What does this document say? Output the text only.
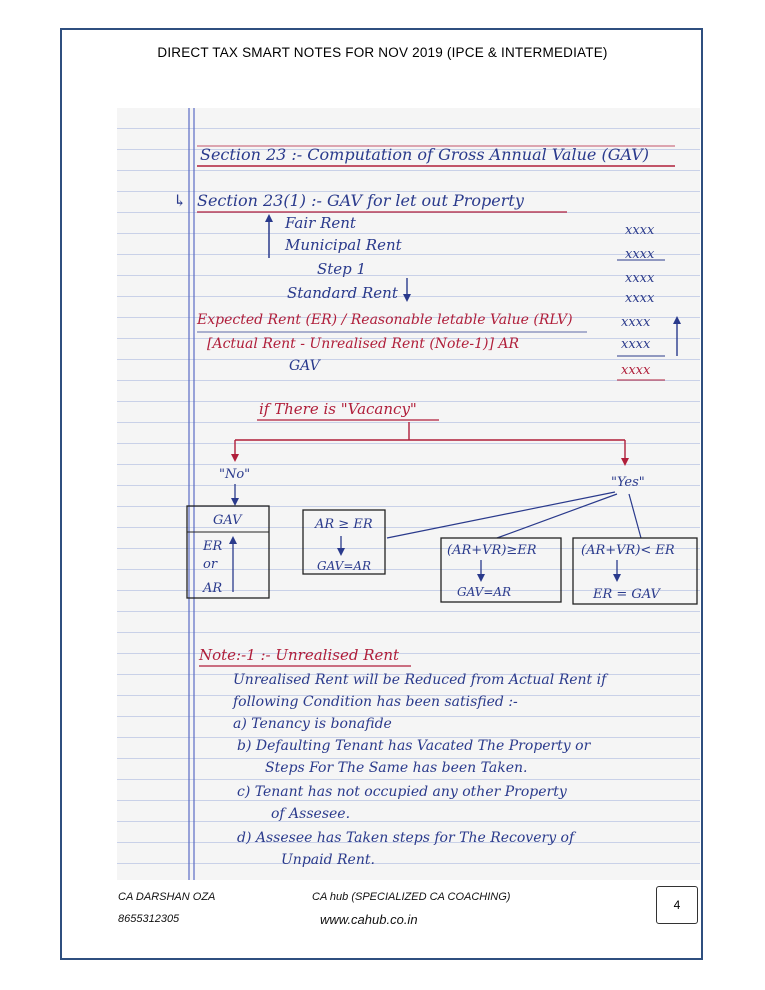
DIRECT TAX SMART NOTES FOR NOV 2019 (IPCE & INTERMEDIATE)
Section 23 :- Computation of Gross Annual Value (GAV)
↳ Section 23(1) :- GAV for let out Property
Fair Rent
Municipal Rent
Step 1
Standard Rent
Expected Rent (ER) / Reasonable letable Value (RLV)
[Actual Rent - Unrealised Rent (Note-1)] AR
GAV
xxxx
xxxx
xxxx
xxxx
xxxx
xxxx
xxxx
if There is "Vacancy"
"No"
"Yes"
GAV
ER
or
AR
AR ≥ ER
GAV=AR
(AR+VR)≥ER
GAV=AR
(AR+VR)< ER
ER = GAV
Note:-1 :- Unrealised Rent
Unrealised Rent will be Reduced from Actual Rent if
following Condition has been satisfied :-
a) Tenancy is bonafide
b) Defaulting Tenant has Vacated The Property or
Steps For The Same has been Taken.
c) Tenant has not occupied any other Property
of Assesee.
d) Assesee has Taken steps for The Recovery of
Unpaid Rent.
CA DARSHAN OZA
8655312305
CA hub (SPECIALIZED CA COACHING)
www.cahub.co.in
4
